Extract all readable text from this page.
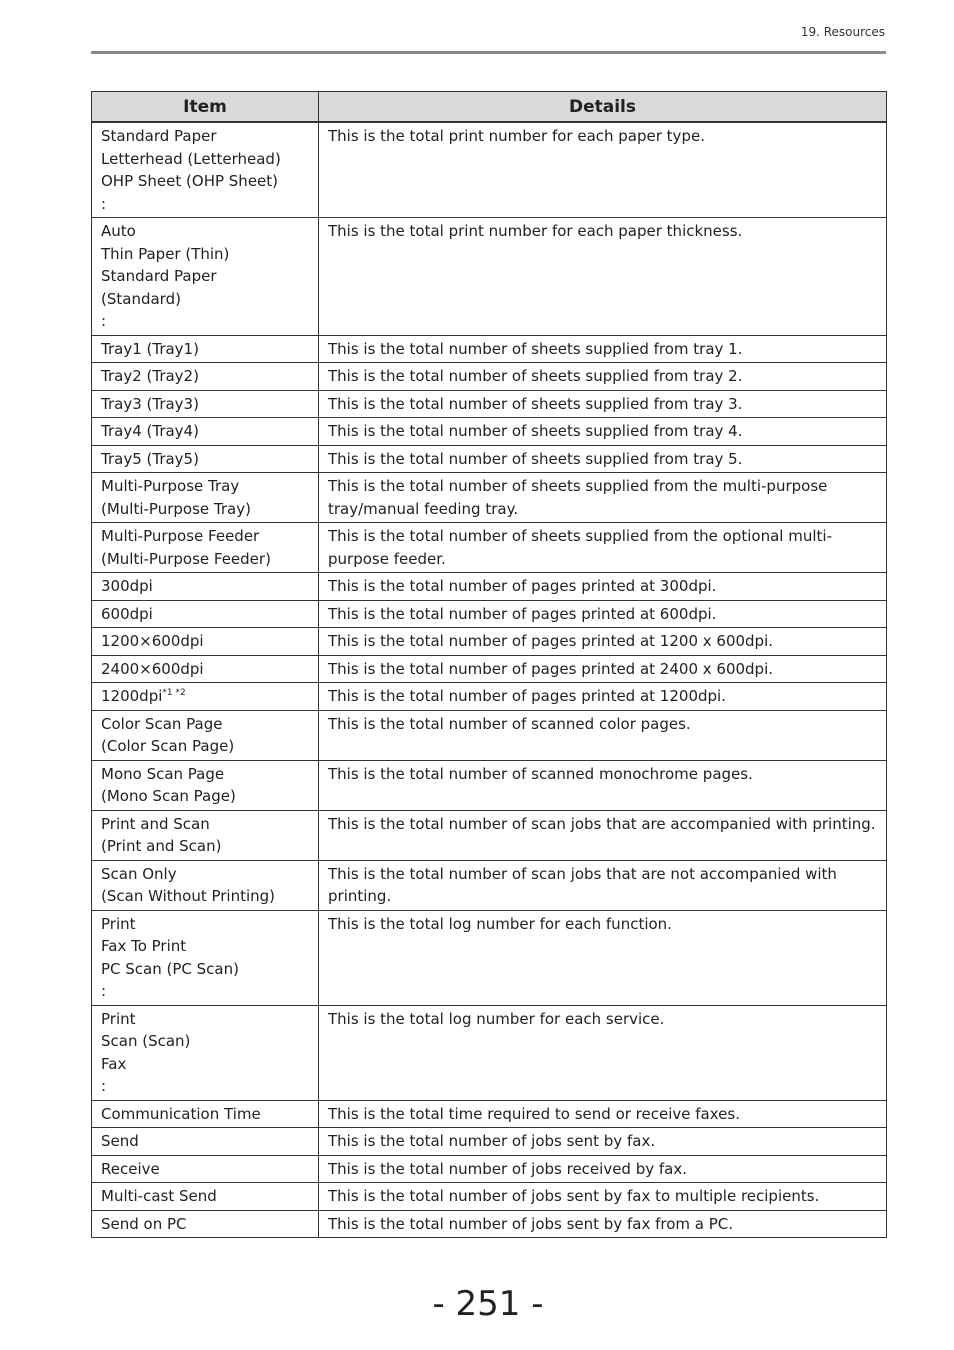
19. Resources
Item	Details
Standard Paper
Letterhead (Letterhead)
OHP Sheet (OHP Sheet)
:	This is the total print number for each paper type.
Auto
Thin Paper (Thin)
Standard Paper
(Standard)
:	This is the total print number for each paper thickness.
Tray1 (Tray1)	This is the total number of sheets supplied from tray 1.
Tray2 (Tray2)	This is the total number of sheets supplied from tray 2.
Tray3 (Tray3)	This is the total number of sheets supplied from tray 3.
Tray4 (Tray4)	This is the total number of sheets supplied from tray 4.
Tray5 (Tray5)	This is the total number of sheets supplied from tray 5.
Multi-Purpose Tray
(Multi-Purpose Tray)	This is the total number of sheets supplied from the multi-purpose tray/manual feeding tray.
Multi-Purpose Feeder
(Multi-Purpose Feeder)	This is the total number of sheets supplied from the optional multi-purpose feeder.
300dpi	This is the total number of pages printed at 300dpi.
600dpi	This is the total number of pages printed at 600dpi.
1200×600dpi	This is the total number of pages printed at 1200 x 600dpi.
2400×600dpi	This is the total number of pages printed at 2400 x 600dpi.
1200dpi$^{*1 *2}$	This is the total number of pages printed at 1200dpi.
Color Scan Page
(Color Scan Page)	This is the total number of scanned color pages.
Mono Scan Page
(Mono Scan Page)	This is the total number of scanned monochrome pages.
Print and Scan
(Print and Scan)	This is the total number of scan jobs that are accompanied with printing.
Scan Only
(Scan Without Printing)	This is the total number of scan jobs that are not accompanied with printing.
Print
Fax To Print
PC Scan (PC Scan)
:	This is the total log number for each function.
Print
Scan (Scan)
Fax
:	This is the total log number for each service.
Communication Time	This is the total time required to send or receive faxes.
Send	This is the total number of jobs sent by fax.
Receive	This is the total number of jobs received by fax.
Multi-cast Send	This is the total number of jobs sent by fax to multiple recipients.
Send on PC	This is the total number of jobs sent by fax from a PC.
- 251 -
